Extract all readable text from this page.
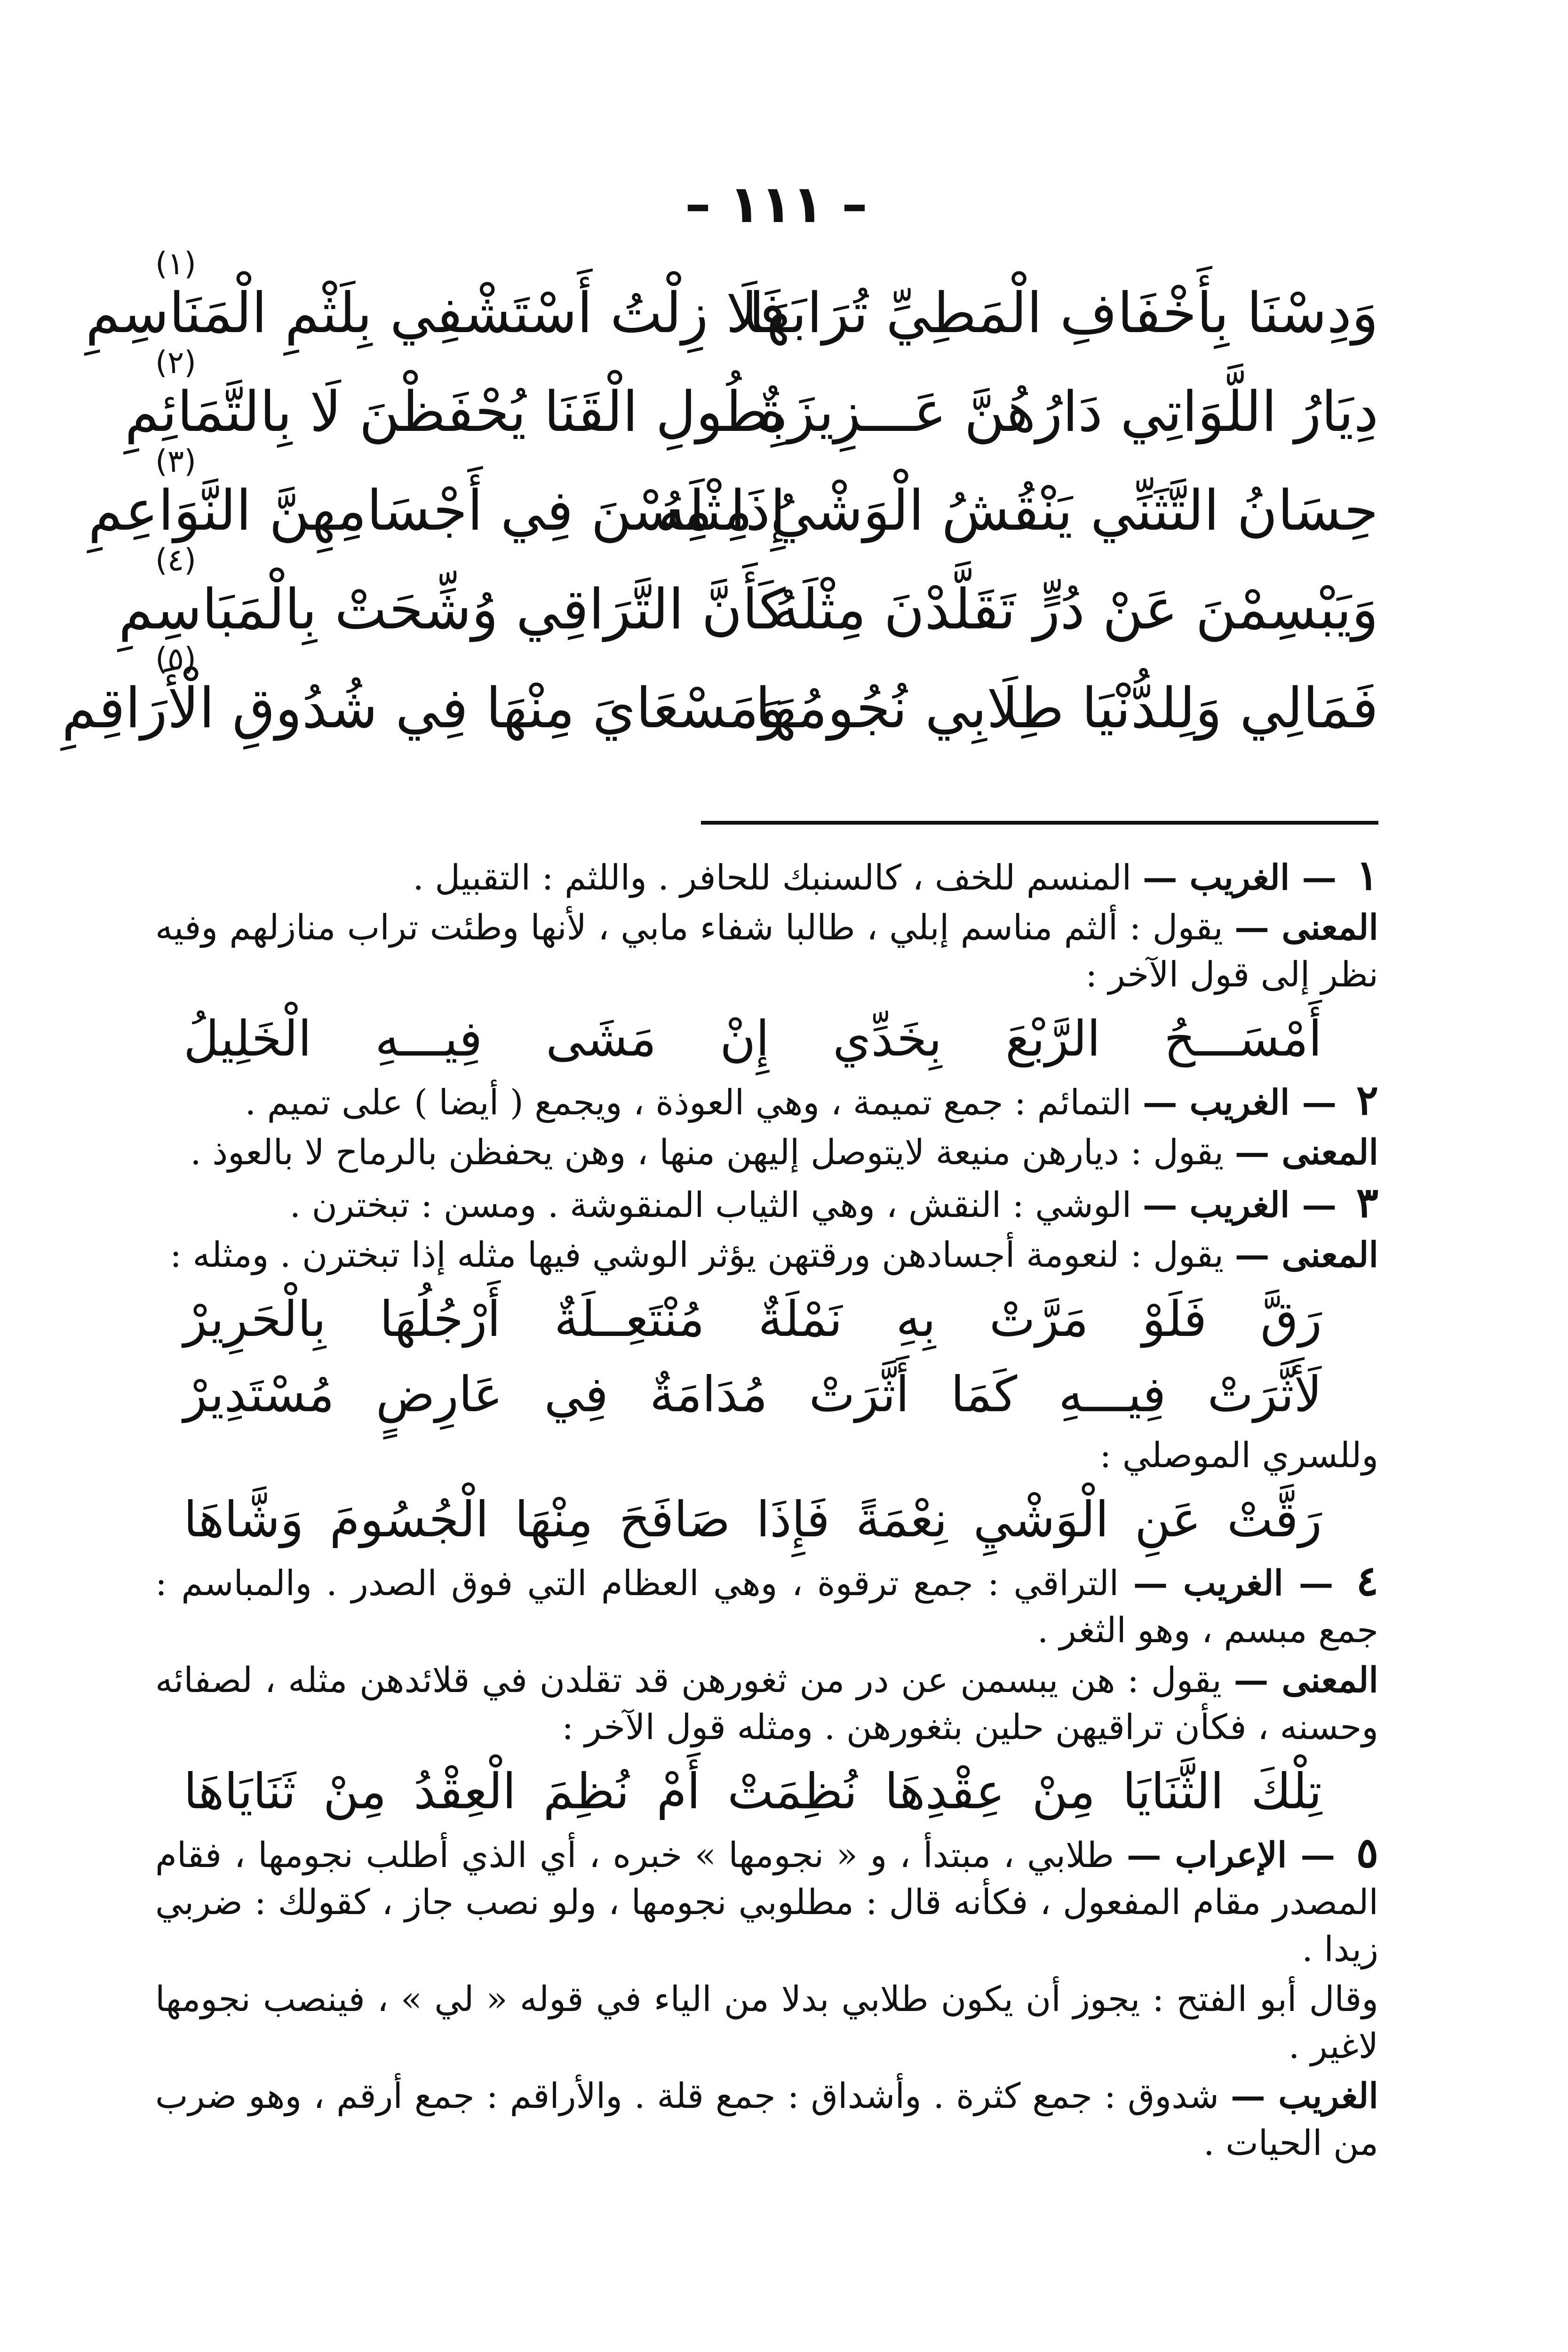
– ١١١ –
وَدِسْنَا بِأَخْفَافِ الْمَطِيِّ تُرَابَهَا
فَلَا زِلْتُ أَسْتَشْفِي بِلَثْمِ الْمَنَاسِمِ
(١)
دِيَارُ اللَّوَاتِي دَارُهُنَّ عَـــزِيزَةٌ
بِطُولِ الْقَنَا يُحْفَظْنَ لَا بِالتَّمَائِمِ
(٢)
حِسَانُ التَّثَنِّي يَنْقُشُ الْوَشْيُ مِثْلَهُ
إِذَا مِسْنَ فِي أَجْسَامِهِنَّ النَّوَاعِمِ
(٣)
وَيَبْسِمْنَ عَنْ دُرٍّ تَقَلَّدْنَ مِثْلَهُ
كَأَنَّ التَّرَاقِي وُشِّحَتْ بِالْمَبَاسِمِ
(٤)
فَمَالِي وَلِلدُّنْيَا طِلَابِي نُجُومُهَا
وَمَسْعَايَ مِنْهَا فِي شُدُوقِ الْأَرَاقِمِ
(٥)

١ — الغريب — المنسم للخف ، كالسنبك للحافر . واللثم : التقبيل .

المعنى — يقول : ألثم مناسم إبلي ، طالبا شفاء مابي ، لأنها وطئت تراب منازلهم وفيه نظر إلى قول الآخر :

أَمْسَـــحُ
الرَّبْعَ
بِخَدِّي
إِنْ
مَشَى
فِيـــهِ
الْخَلِيلُ

٢ — الغريب — التمائم : جمع تميمة ، وهي العوذة ، ويجمع ( أيضا ) على تميم .

المعنى — يقول : ديارهن منيعة لايتوصل إليهن منها ، وهن يحفظن بالرماح لا بالعوذ .

٣ — الغريب — الوشي : النقش ، وهي الثياب المنقوشة . ومسن : تبخترن .

المعنى — يقول : لنعومة أجسادهن ورقتهن يؤثر الوشي فيها مثله إذا تبخترن . ومثله :

رَقَّ
فَلَوْ
مَرَّتْ
بِهِ
نَمْلَةٌ
مُنْتَعِــلَةٌ
أَرْجُلُهَا
بِالْحَرِيرْ
لَأَثَّرَتْ
فِيـــهِ
كَمَا
أَثَّرَتْ
مُدَامَةٌ
فِي
عَارِضٍ
مُسْتَدِيرْ

وللسري الموصلي :

رَقَّتْ
عَنِ
الْوَشْيِ
نِعْمَةً
فَإِذَا
صَافَحَ
مِنْهَا
الْجُسُومَ
وَشَّاهَا

٤ — الغريب — التراقي : جمع ترقوة ، وهي العظام التي فوق الصدر . والمباسم : جمع مبسم ، وهو الثغر .

المعنى — يقول : هن يبسمن عن در من ثغورهن قد تقلدن في قلائدهن مثله ، لصفائه وحسنه ، فكأن تراقيهن حلين بثغورهن . ومثله قول الآخر :

تِلْكَ
الثَّنَايَا
مِنْ
عِقْدِهَا
نُظِمَتْ
أَمْ
نُظِمَ
الْعِقْدُ
مِنْ
ثَنَايَاهَا

٥ — الإعراب — طلابي ، مبتدأ ، و « نجومها » خبره ، أي الذي أطلب نجومها ، فقام المصدر مقام المفعول ، فكأنه قال : مطلوبي نجومها ، ولو نصب جاز ، كقولك : ضربي زيدا .

وقال أبو الفتح : يجوز أن يكون طلابي بدلا من الياء في قوله « لي » ، فينصب نجومها لاغير .

الغريب — شدوق : جمع كثرة . وأشداق : جمع قلة . والأراقم : جمع أرقم ، وهو ضرب من الحيات .
